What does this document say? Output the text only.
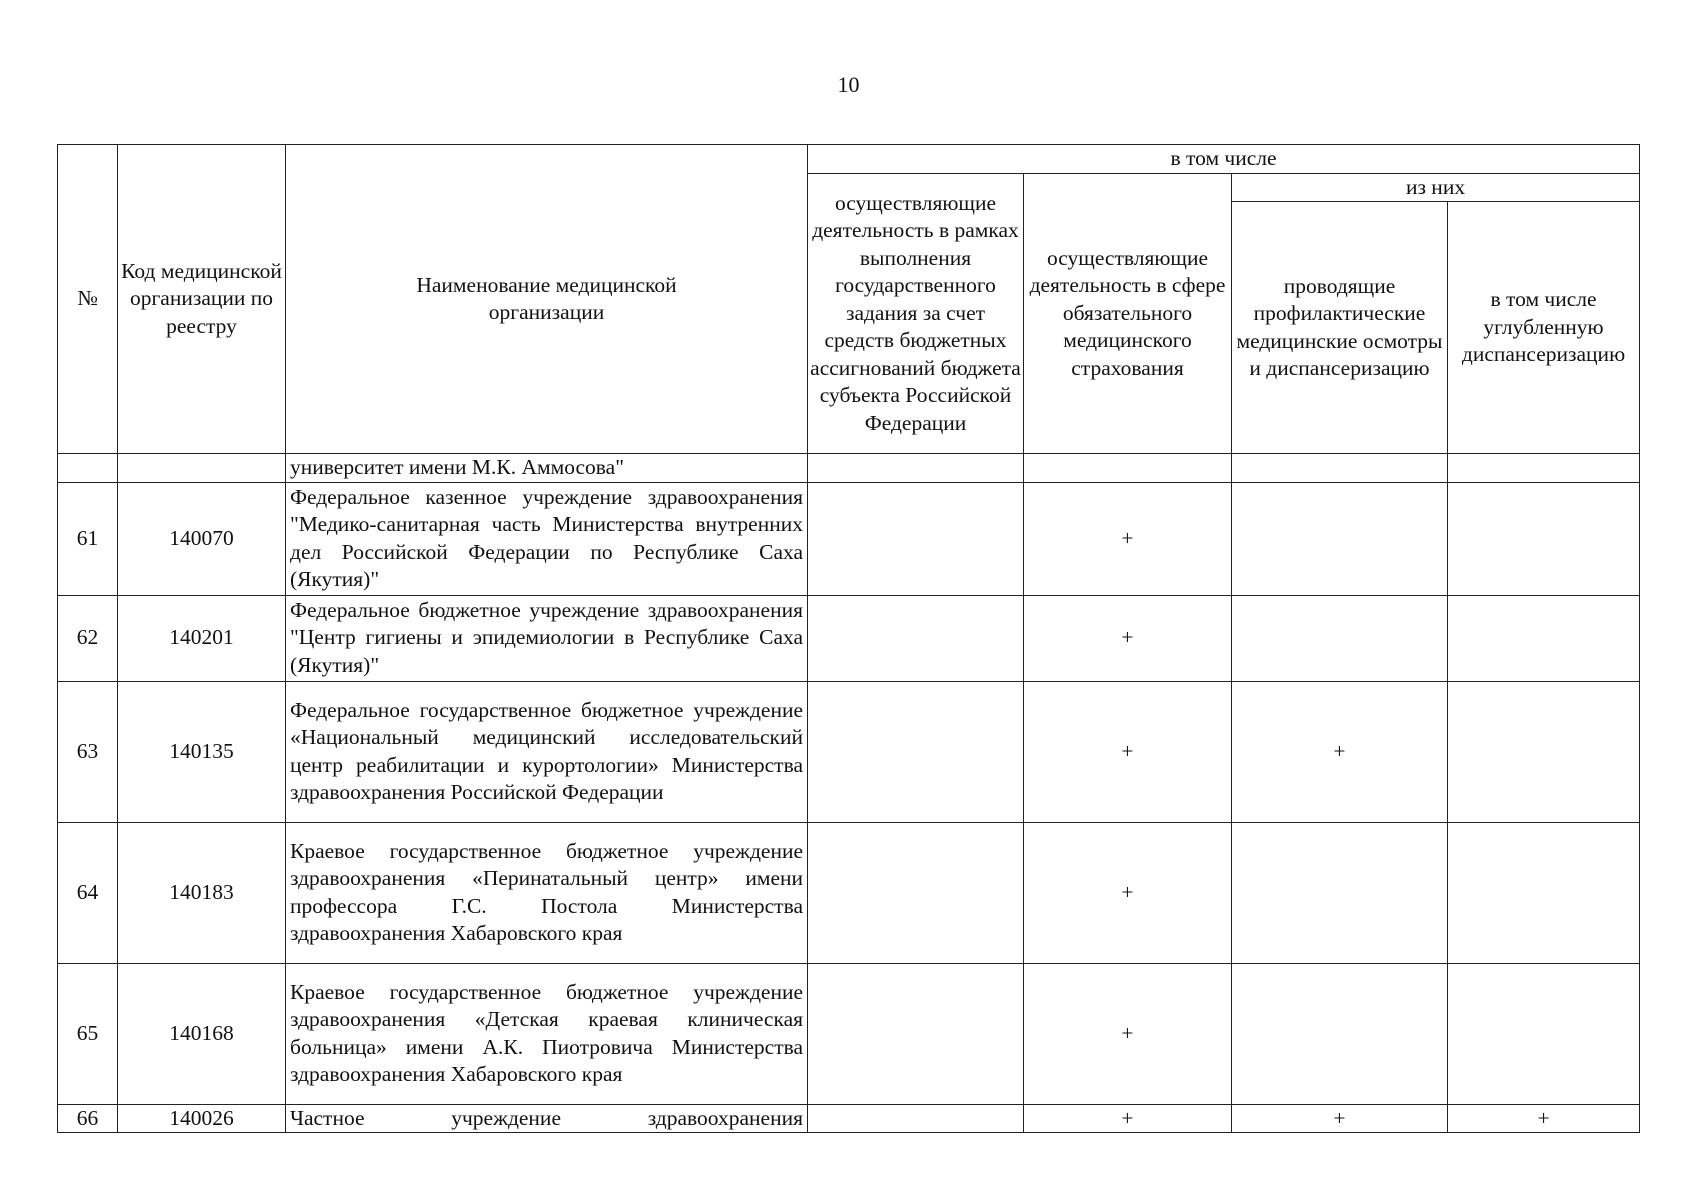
10
№	Код медицинской организации по реестру	Наименование медицинской организации	в том числе			
			осуществляющие деятельность в рамках выполнения государственного задания за счет средств бюджетных ассигнований бюджета субъекта Российской Федерации	осуществляющие деятельность в сфере обязательного медицинского страхования	из них	
					проводящие профилактические медицинские осмотры и диспансеризацию	в том числе углубленную диспансеризацию
		университет имени М.К. Аммосова"				
61	140070	Федеральное казенное учреждение здравоохранения "Медико-санитарная часть Министерства внутренних дел Российской Федерации по Республике Саха (Якутия)"		+		
62	140201	Федеральное бюджетное учреждение здравоохранения "Центр гигиены и эпидемиологии в Республике Саха (Якутия)"		+		
63	140135	Федеральное государственное бюджетное учреждение «Национальный медицинский исследовательский центр реабилитации и курортологии» Министерства здравоохранения Российской Федерации		+	+	
64	140183	Краевое государственное бюджетное учреждение здравоохранения «Перинатальный центр» имени профессора Г.С. Постола Министерства здравоохранения Хабаровского края		+		
65	140168	Краевое государственное бюджетное учреждение здравоохранения «Детская краевая клиническая больница» имени А.К. Пиотровича Министерства здравоохранения Хабаровского края		+		
66	140026	Частное учреждение здравоохранения		+	+	+
